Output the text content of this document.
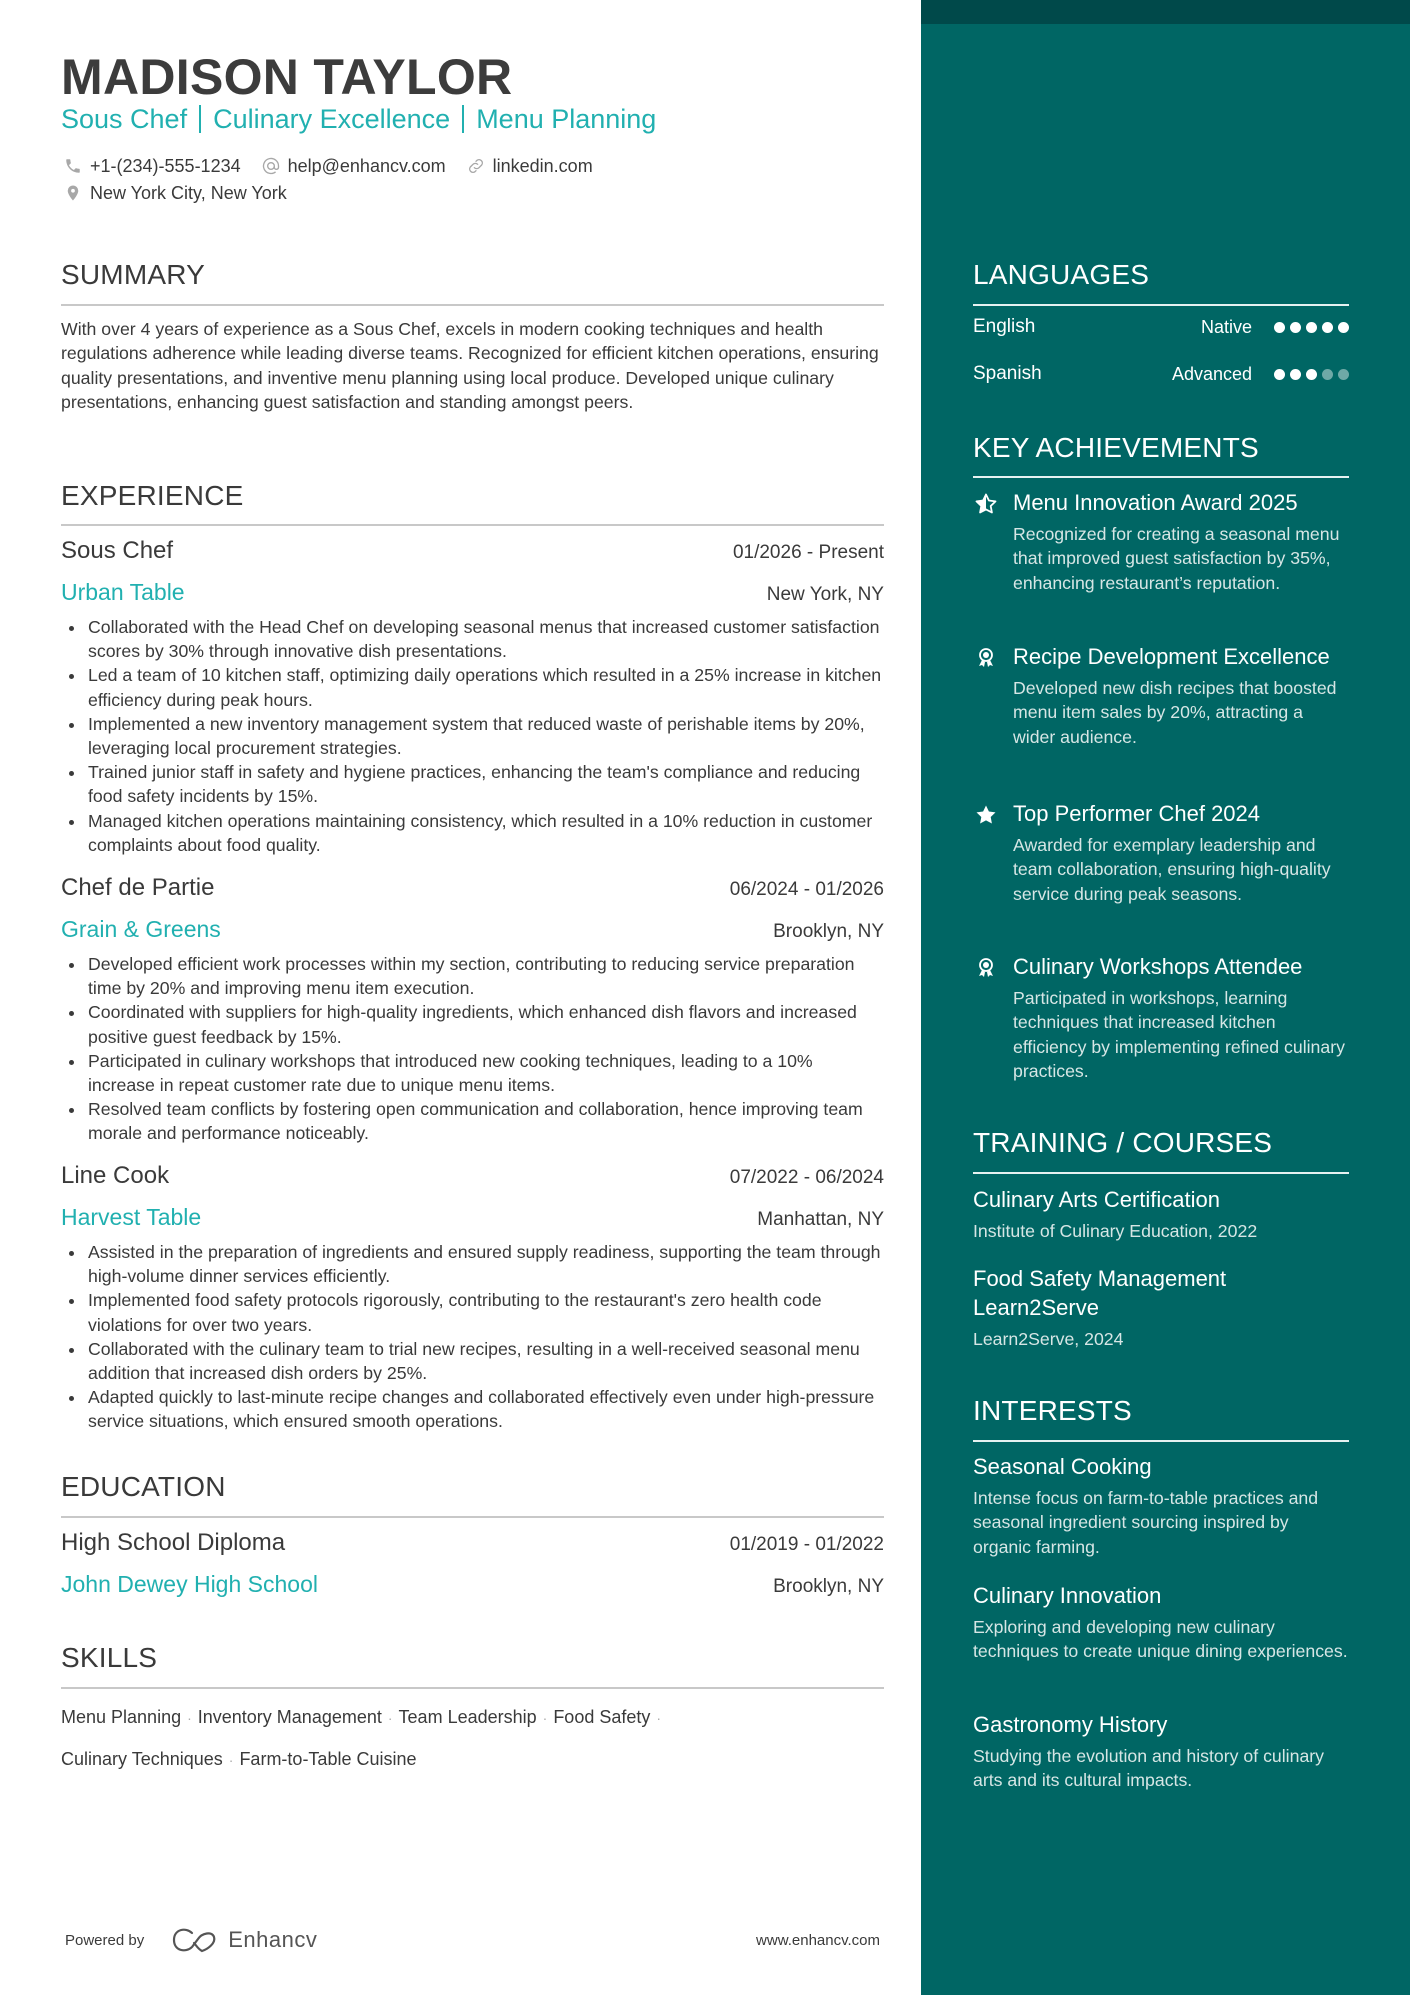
MADISON TAYLOR
Sous Chef Culinary Excellence Menu Planning
+1-(234)-555-1234	help@enhancv.com	linkedin.com
New York City, New York
SUMMARY
With over 4 years of experience as a Sous Chef, excels in modern cooking techniques and health regulations adherence while leading diverse teams. Recognized for efficient kitchen operations, ensuring quality presentations, and inventive menu planning using local produce. Developed unique culinary presentations, enhancing guest satisfaction and standing amongst peers.
EXPERIENCE
Sous Chef	01/2026 - Present
Urban Table	New York, NY
Collaborated with the Head Chef on developing seasonal menus that increased customer satisfaction scores by 30% through innovative dish presentations.
Led a team of 10 kitchen staff, optimizing daily operations which resulted in a 25% increase in kitchen efficiency during peak hours.
Implemented a new inventory management system that reduced waste of perishable items by 20%, leveraging local procurement strategies.
Trained junior staff in safety and hygiene practices, enhancing the team's compliance and reducing food safety incidents by 15%.
Managed kitchen operations maintaining consistency, which resulted in a 10% reduction in customer complaints about food quality.
Chef de Partie	06/2024 - 01/2026
Grain & Greens	Brooklyn, NY
Developed efficient work processes within my section, contributing to reducing service preparation time by 20% and improving menu item execution.
Coordinated with suppliers for high-quality ingredients, which enhanced dish flavors and increased positive guest feedback by 15%.
Participated in culinary workshops that introduced new cooking techniques, leading to a 10% increase in repeat customer rate due to unique menu items.
Resolved team conflicts by fostering open communication and collaboration, hence improving team morale and performance noticeably.
Line Cook	07/2022 - 06/2024
Harvest Table	Manhattan, NY
Assisted in the preparation of ingredients and ensured supply readiness, supporting the team through high-volume dinner services efficiently.
Implemented food safety protocols rigorously, contributing to the restaurant's zero health code violations for over two years.
Collaborated with the culinary team to trial new recipes, resulting in a well-received seasonal menu addition that increased dish orders by 25%.
Adapted quickly to last-minute recipe changes and collaborated effectively even under high-pressure service situations, which ensured smooth operations.
EDUCATION
High School Diploma	01/2019 - 01/2022
John Dewey High School	Brooklyn, NY
SKILLS
Menu Planning · Inventory Management · Team Leadership · Food Safety ·
Culinary Techniques · Farm-to-Table Cuisine
Powered by	Enhancv	www.enhancv.com
LANGUAGES
English	Native
Spanish	Advanced
KEY ACHIEVEMENTS
Menu Innovation Award 2025
Recognized for creating a seasonal menu that improved guest satisfaction by 35%, enhancing restaurant’s reputation.
Recipe Development Excellence
Developed new dish recipes that boosted menu item sales by 20%, attracting a wider audience.
Top Performer Chef 2024
Awarded for exemplary leadership and team collaboration, ensuring high-quality service during peak seasons.
Culinary Workshops Attendee
Participated in workshops, learning techniques that increased kitchen efficiency by implementing refined culinary practices.
TRAINING / COURSES
Culinary Arts Certification
Institute of Culinary Education, 2022
Food Safety Management Learn2Serve
Learn2Serve, 2024
INTERESTS
Seasonal Cooking
Intense focus on farm-to-table practices and seasonal ingredient sourcing inspired by organic farming.
Culinary Innovation
Exploring and developing new culinary techniques to create unique dining experiences.
Gastronomy History
Studying the evolution and history of culinary arts and its cultural impacts.
